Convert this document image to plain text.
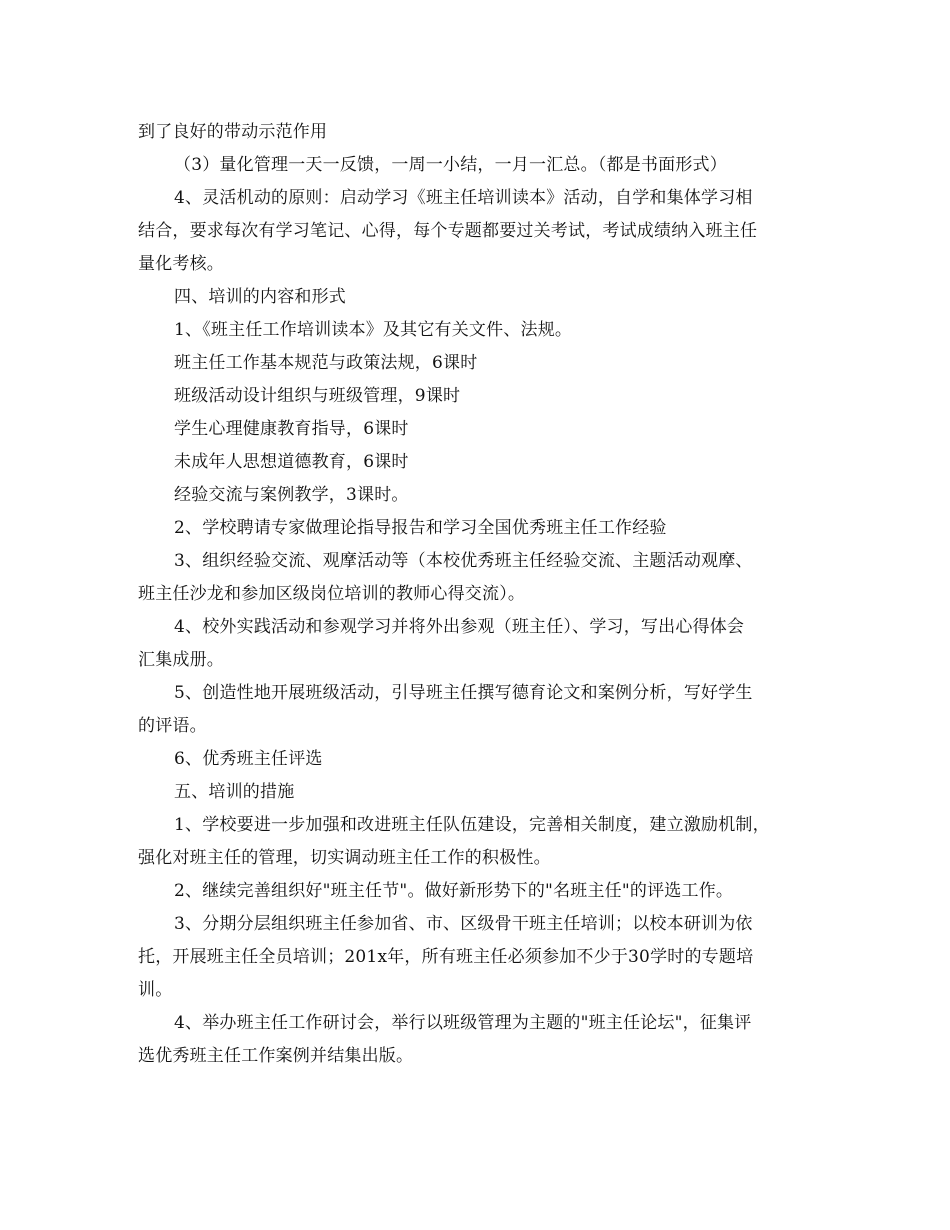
到了良好的带动示范作用
（3）量化管理一天一反馈，一周一小结，一月一汇总。（都是书面形式）
4、灵活机动的原则：启动学习《班主任培训读本》活动，自学和集体学习相
结合，要求每次有学习笔记、心得，每个专题都要过关考试，考试成绩纳入班主任
量化考核。
四、培训的内容和形式
1、《班主任工作培训读本》及其它有关文件、法规。
班主任工作基本规范与政策法规，6课时
班级活动设计组织与班级管理，9课时
学生心理健康教育指导，6课时
未成年人思想道德教育，6课时
经验交流与案例教学，3课时。
2、学校聘请专家做理论指导报告和学习全国优秀班主任工作经验
3、组织经验交流、观摩活动等（本校优秀班主任经验交流、主题活动观摩、
班主任沙龙和参加区级岗位培训的教师心得交流）。
4、校外实践活动和参观学习并将外出参观（班主任）、学习，写出心得体会
汇集成册。
5、创造性地开展班级活动，引导班主任撰写德育论文和案例分析，写好学生
的评语。
6、优秀班主任评选
五、培训的措施
1、学校要进一步加强和改进班主任队伍建设，完善相关制度，建立激励机制，
强化对班主任的管理，切实调动班主任工作的积极性。
2、继续完善组织好"班主任节"。做好新形势下的"名班主任"的评选工作。
3、分期分层组织班主任参加省、市、区级骨干班主任培训；以校本研训为依
托，开展班主任全员培训；201x年，所有班主任必须参加不少于30学时的专题培
训。
4、举办班主任工作研讨会，举行以班级管理为主题的"班主任论坛"，征集评
选优秀班主任工作案例并结集出版。
